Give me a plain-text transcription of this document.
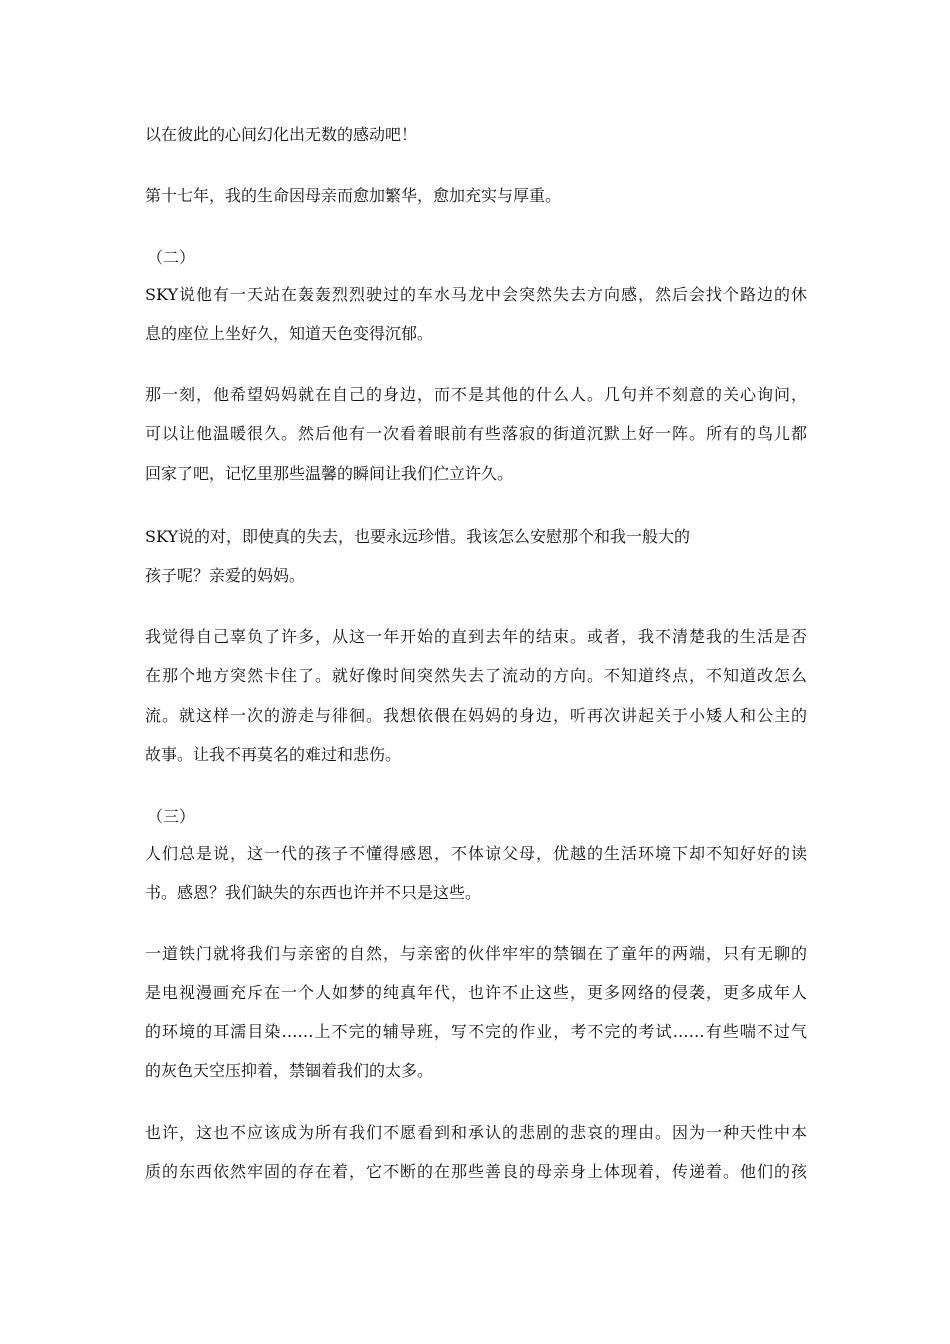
以在彼此的心间幻化出无数的感动吧！

第十七年，我的生命因母亲而愈加繁华，愈加充实与厚重。

（二）

SKY说他有一天站在轰轰烈烈驶过的车水马龙中会突然失去方向感，然后会找个路边的休

息的座位上坐好久，知道天色变得沉郁。

那一刻，他希望妈妈就在自己的身边，而不是其他的什么人。几句并不刻意的关心询问，

可以让他温暖很久。然后他有一次看着眼前有些落寂的街道沉默上好一阵。所有的鸟儿都

回家了吧，记忆里那些温馨的瞬间让我们伫立许久。

SKY说的对，即使真的失去，也要永远珍惜。我该怎么安慰那个和我一般大的

孩子呢？亲爱的妈妈。

我觉得自己辜负了许多，从这一年开始的直到去年的结束。或者，我不清楚我的生活是否

在那个地方突然卡住了。就好像时间突然失去了流动的方向。不知道终点，不知道改怎么

流。就这样一次的游走与徘徊。我想依偎在妈妈的身边，听再次讲起关于小矮人和公主的

故事。让我不再莫名的难过和悲伤。

（三）

人们总是说，这一代的孩子不懂得感恩，不体谅父母，优越的生活环境下却不知好好的读

书。感恩？我们缺失的东西也许并不只是这些。

一道铁门就将我们与亲密的自然，与亲密的伙伴牢牢的禁锢在了童年的两端，只有无聊的

是电视漫画充斥在一个人如梦的纯真年代，也许不止这些，更多网络的侵袭，更多成年人

的环境的耳濡目染……上不完的辅导班，写不完的作业，考不完的考试……有些喘不过气

的灰色天空压抑着，禁锢着我们的太多。

也许，这也不应该成为所有我们不愿看到和承认的悲剧的悲哀的理由。因为一种天性中本

质的东西依然牢固的存在着，它不断的在那些善良的母亲身上体现着，传递着。他们的孩
